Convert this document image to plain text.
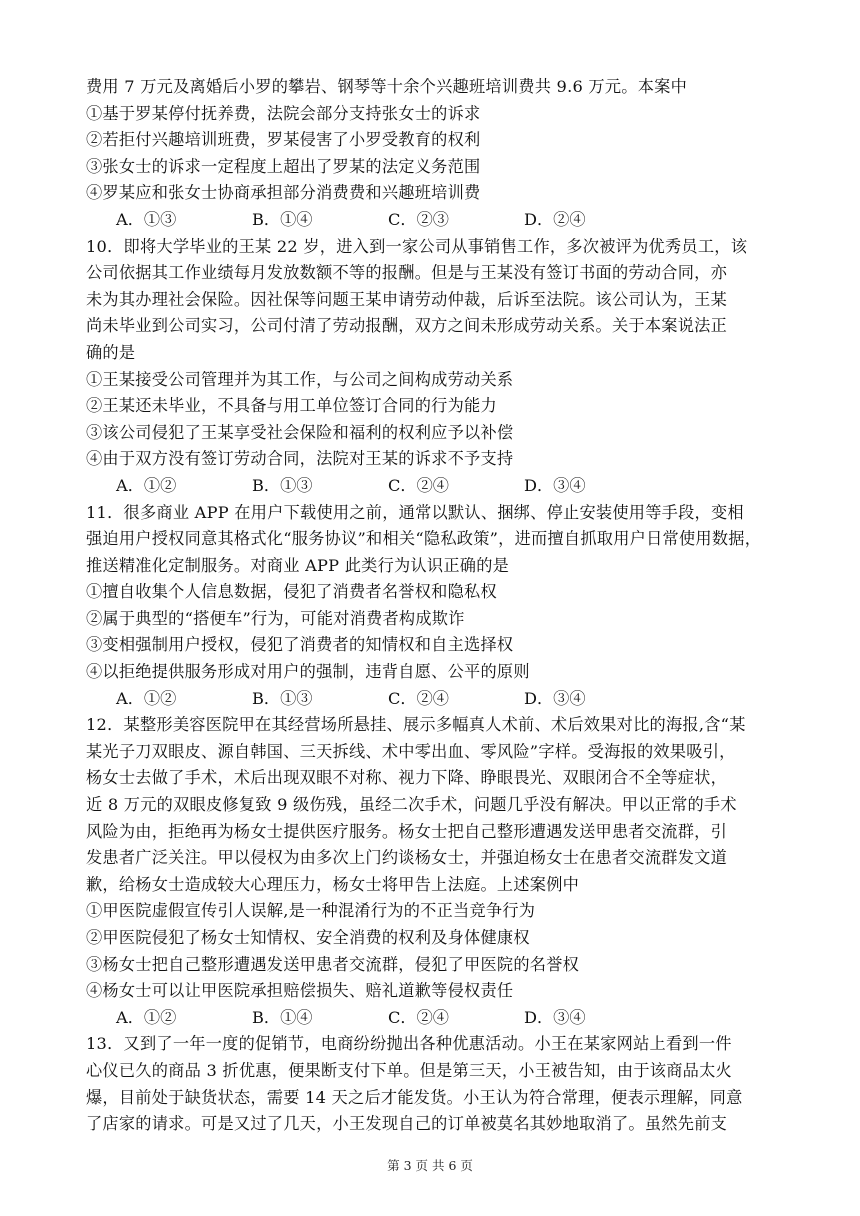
费用 7 万元及离婚后小罗的攀岩、钢琴等十余个兴趣班培训费共 9.6 万元。本案中
①基于罗某停付抚养费，法院会部分支持张女士的诉求
②若拒付兴趣培训班费，罗某侵害了小罗受教育的权利
③张女士的诉求一定程度上超出了罗某的法定义务范围
④罗某应和张女士协商承担部分消费费和兴趣班培训费
A．①③	B．①④	C．②③	D．②④
10．即将大学毕业的王某 22 岁，进入到一家公司从事销售工作，多次被评为优秀员工，该
公司依据其工作业绩每月发放数额不等的报酬。但是与王某没有签订书面的劳动合同，亦
未为其办理社会保险。因社保等问题王某申请劳动仲裁，后诉至法院。该公司认为，王某
尚未毕业到公司实习，公司付清了劳动报酬，双方之间未形成劳动关系。关于本案说法正
确的是
①王某接受公司管理并为其工作，与公司之间构成劳动关系
②王某还未毕业，不具备与用工单位签订合同的行为能力
③该公司侵犯了王某享受社会保险和福利的权利应予以补偿
④由于双方没有签订劳动合同，法院对王某的诉求不予支持
A．①②	B．①③	C．②④	D．③④
11．很多商业 APP 在用户下载使用之前，通常以默认、捆绑、停止安装使用等手段，变相
强迫用户授权同意其格式化“服务协议”和相关“隐私政策”，进而擅自抓取用户日常使用数据，
推送精准化定制服务。对商业 APP 此类行为认识正确的是
①擅自收集个人信息数据，侵犯了消费者名誉权和隐私权
②属于典型的“搭便车”行为，可能对消费者构成欺诈
③变相强制用户授权，侵犯了消费者的知情权和自主选择权
④以拒绝提供服务形成对用户的强制，违背自愿、公平的原则
A．①②	B．①③	C．②④	D．③④
12．某整形美容医院甲在其经营场所悬挂、展示多幅真人术前、术后效果对比的海报,含“某
某光子刀双眼皮、源自韩国、三天拆线、术中零出血、零风险”字样。受海报的效果吸引，
杨女士去做了手术，术后出现双眼不对称、视力下降、睁眼畏光、双眼闭合不全等症状，
近 8 万元的双眼皮修复致 9 级伤残，虽经二次手术，问题几乎没有解决。甲以正常的手术
风险为由，拒绝再为杨女士提供医疗服务。杨女士把自己整形遭遇发送甲患者交流群，引
发患者广泛关注。甲以侵权为由多次上门约谈杨女士，并强迫杨女士在患者交流群发文道
歉，给杨女士造成较大心理压力，杨女士将甲告上法庭。上述案例中
①甲医院虚假宣传引人误解,是一种混淆行为的不正当竞争行为
②甲医院侵犯了杨女士知情权、安全消费的权利及身体健康权
③杨女士把自己整形遭遇发送甲患者交流群，侵犯了甲医院的名誉权
④杨女士可以让甲医院承担赔偿损失、赔礼道歉等侵权责任
A．①②	B．①④	C．②④	D．③④
13．又到了一年一度的促销节，电商纷纷抛出各种优惠活动。小王在某家网站上看到一件
心仪已久的商品 3 折优惠，便果断支付下单。但是第三天，小王被告知，由于该商品太火
爆，目前处于缺货状态，需要 14 天之后才能发货。小王认为符合常理，便表示理解，同意
了店家的请求。可是又过了几天，小王发现自己的订单被莫名其妙地取消了。虽然先前支
第 3 页 共 6 页
